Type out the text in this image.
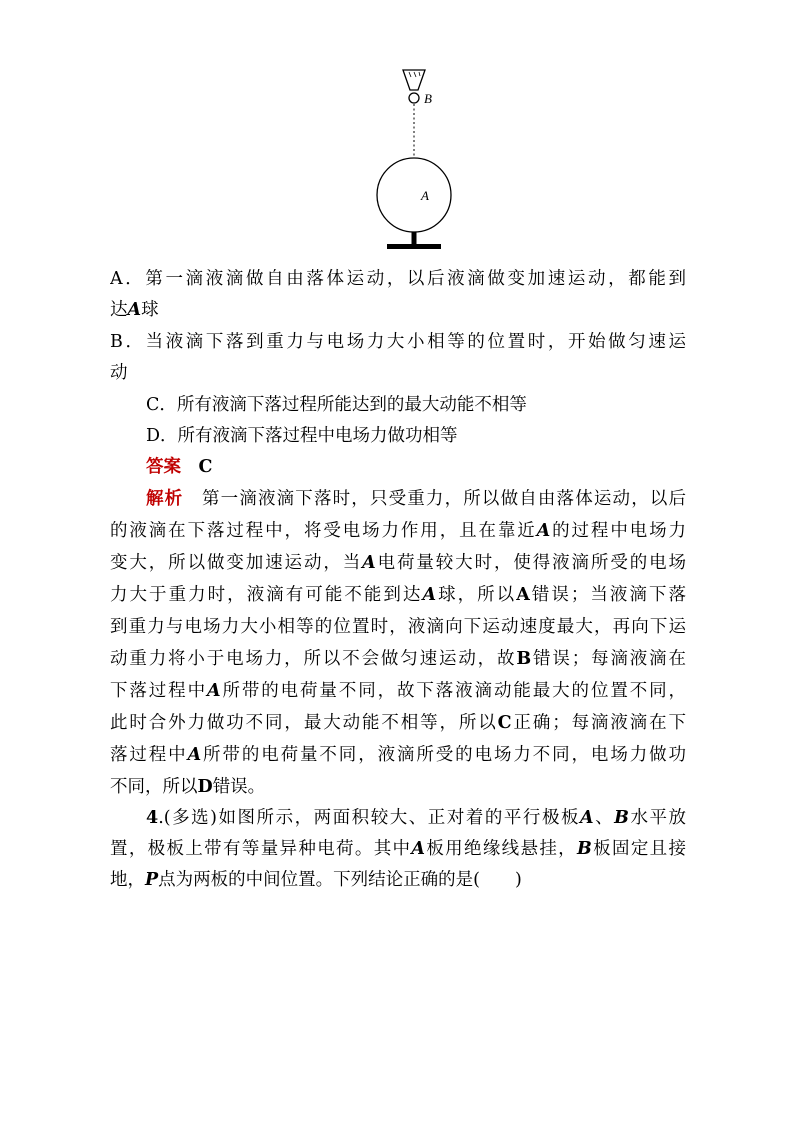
B
A
A．第一滴液滴做自由落体运动，以后液滴做变加速运动，都能到
达A球
B．当液滴下落到重力与电场力大小相等的位置时，开始做匀速运
动
C．所有液滴下落过程所能达到的最大动能不相等
D．所有液滴下落过程中电场力做功相等
答案　 C
解析　 第一滴液滴下落时，只受重力，所以做自由落体运动，以后
的液滴在下落过程中，将受电场力作用，且在靠近A的过程中电场力
变大，所以做变加速运动，当A电荷量较大时，使得液滴所受的电场
力大于重力时，液滴有可能不能到达A球，所以A错误；当液滴下落
到重力与电场力大小相等的位置时，液滴向下运动速度最大，再向下运
动重力将小于电场力，所以不会做匀速运动，故B错误；每滴液滴在
下落过程中A所带的电荷量不同，故下落液滴动能最大的位置不同，
此时合外力做功不同，最大动能不相等，所以C正确；每滴液滴在下
落过程中A所带的电荷量不同，液滴所受的电场力不同，电场力做功
不同，所以D错误。
4.(多选)如图所示，两面积较大、正对着的平行极板A、B水平放
置，极板上带有等量异种电荷。其中A板用绝缘线悬挂，B板固定且接
地，P点为两板的中间位置。下列结论正确的是(　　)
